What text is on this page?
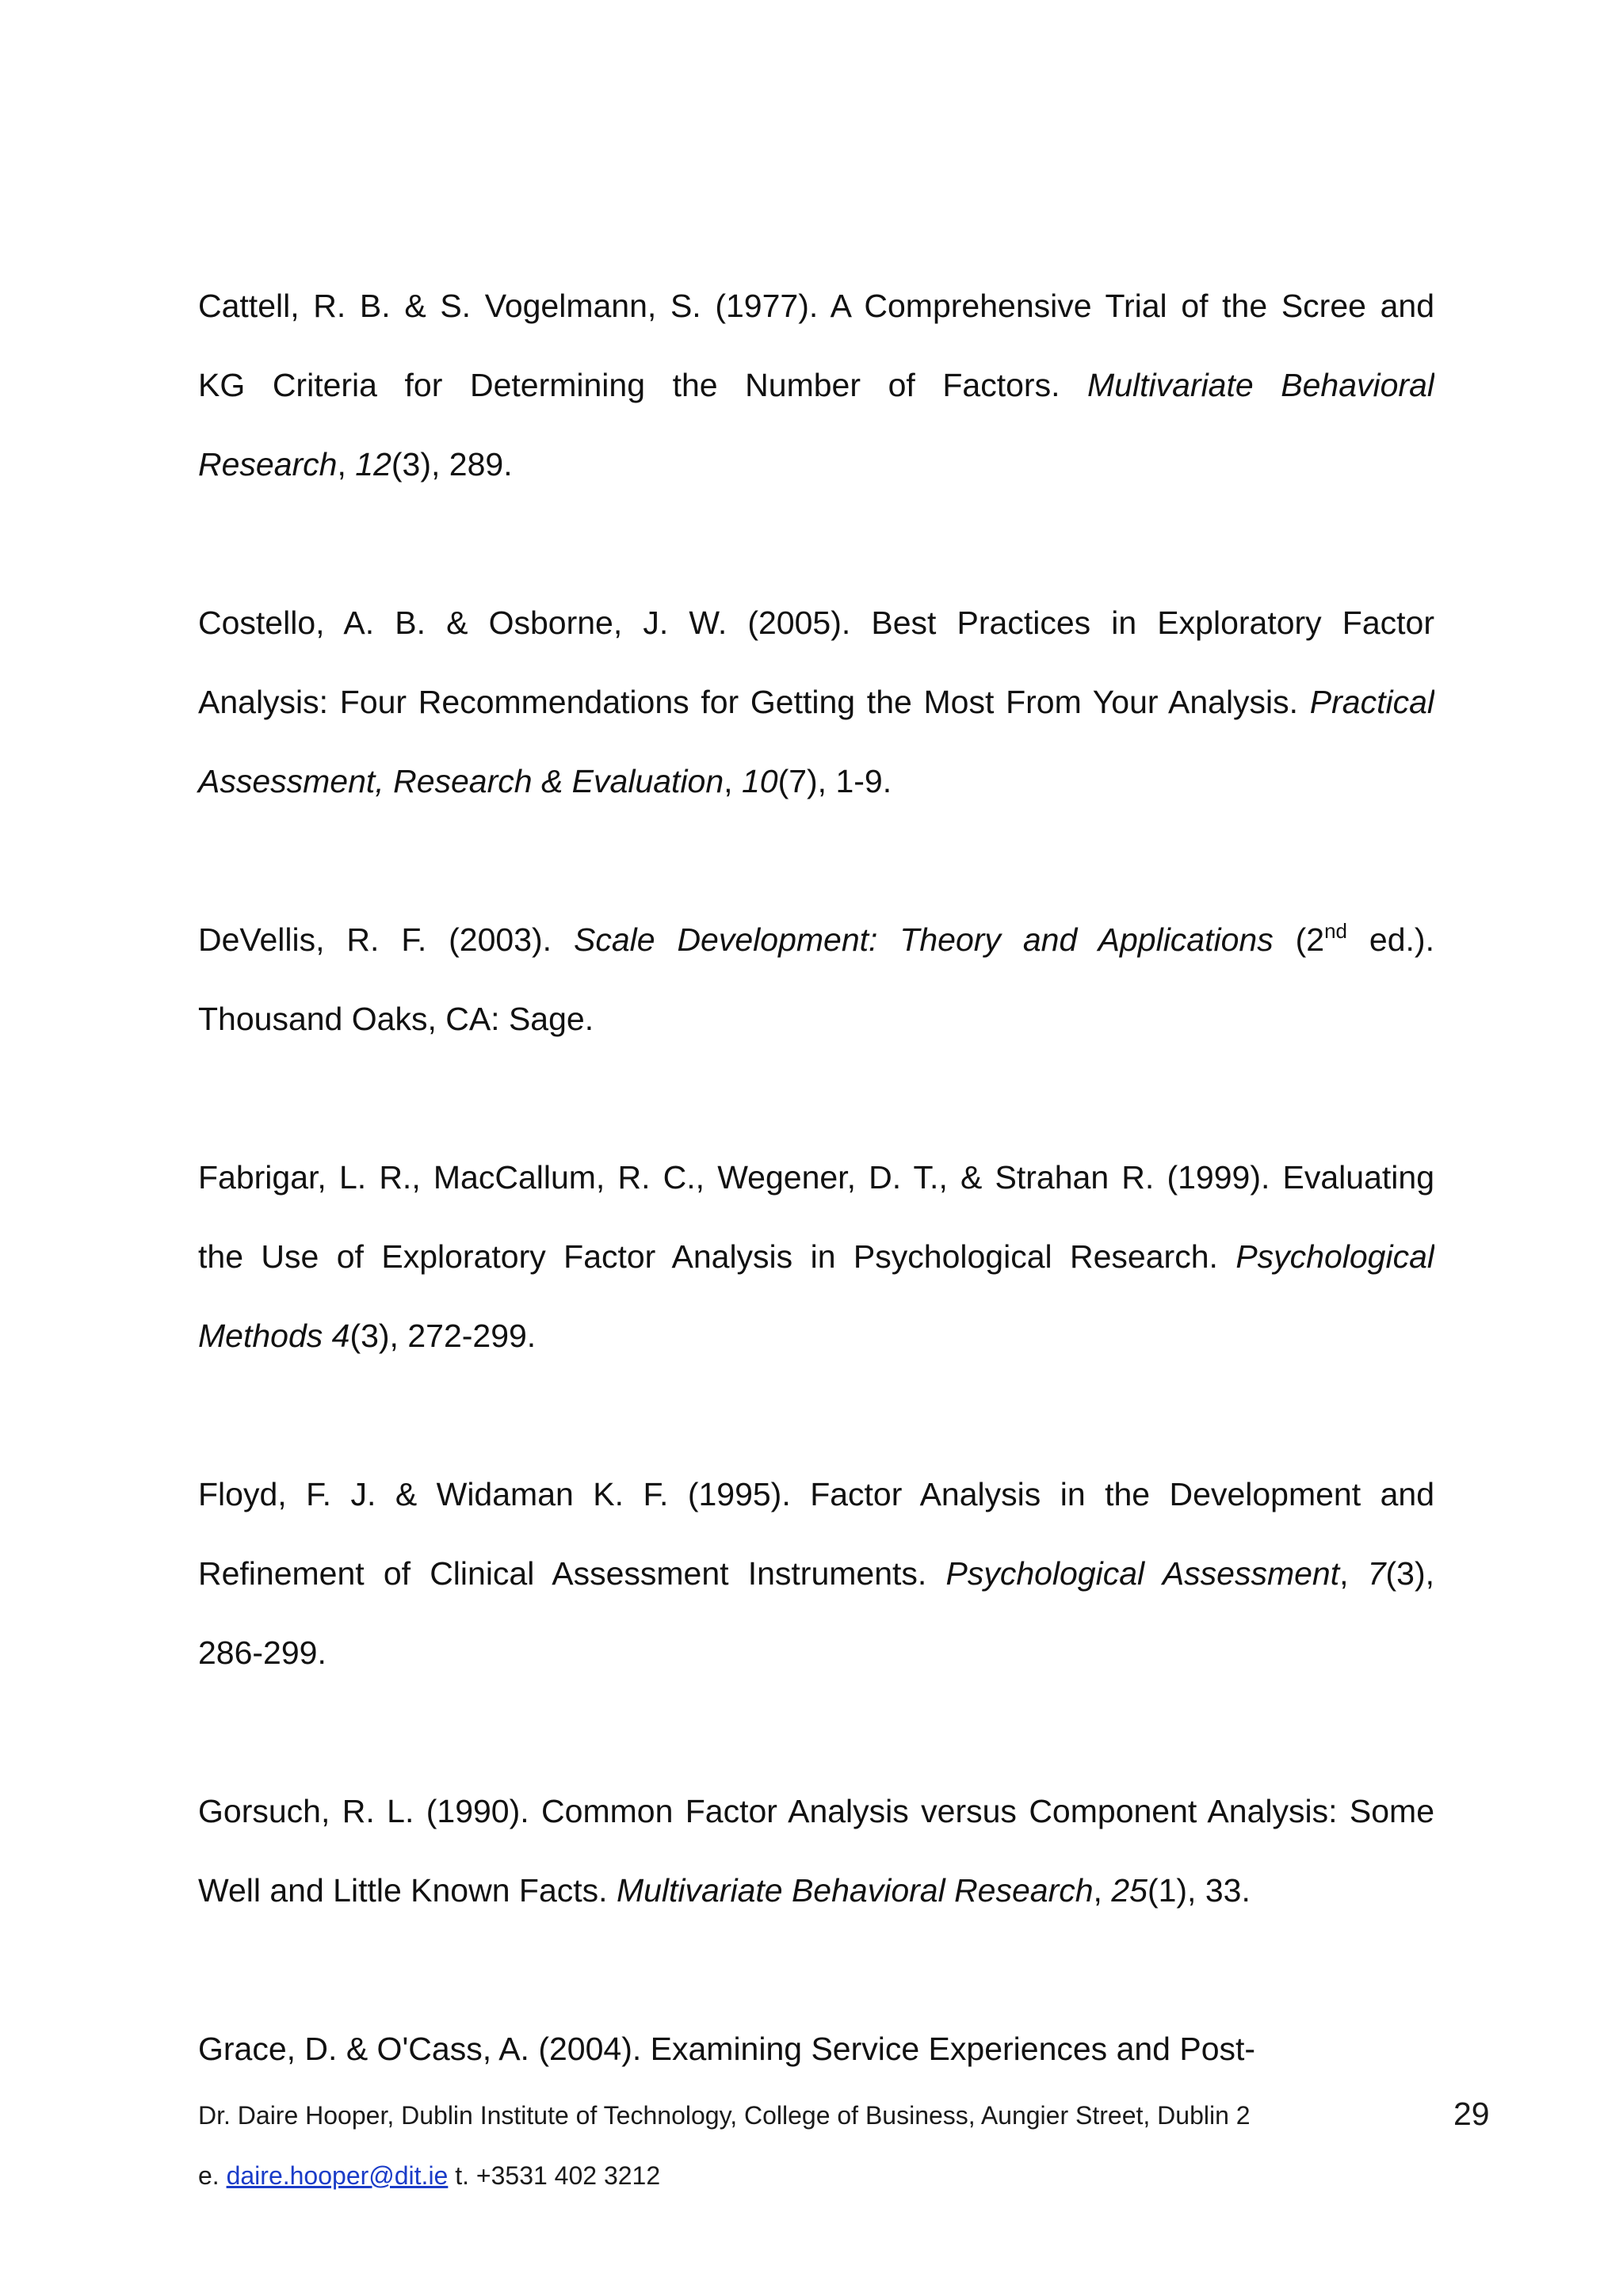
Cattell, R. B. & S. Vogelmann, S. (1977). A Comprehensive Trial of the Scree and
KG Criteria for Determining the Number of Factors. Multivariate Behavioral
Research, 12(3), 289.
Costello, A. B. & Osborne, J. W. (2005). Best Practices in Exploratory Factor
Analysis: Four Recommendations for Getting the Most From Your Analysis. Practical
Assessment, Research & Evaluation, 10(7), 1-9.
DeVellis, R. F. (2003). Scale Development: Theory and Applications (2nd ed.).
Thousand Oaks, CA: Sage.
Fabrigar, L. R., MacCallum, R. C., Wegener, D. T., & Strahan R. (1999). Evaluating
the Use of Exploratory Factor Analysis in Psychological Research. Psychological
Methods 4(3), 272-299.
Floyd, F. J. & Widaman K. F. (1995). Factor Analysis in the Development and
Refinement of Clinical Assessment Instruments. Psychological Assessment, 7(3),
286-299.
Gorsuch, R. L. (1990). Common Factor Analysis versus Component Analysis: Some
Well and Little Known Facts. Multivariate Behavioral Research, 25(1), 33.
Grace, D. & O'Cass, A. (2004). Examining Service Experiences and Post-
Dr. Daire Hooper, Dublin Institute of Technology, College of Business, Aungier Street, Dublin 2
e. daire.hooper@dit.ie t. +3531 402 3212
29
